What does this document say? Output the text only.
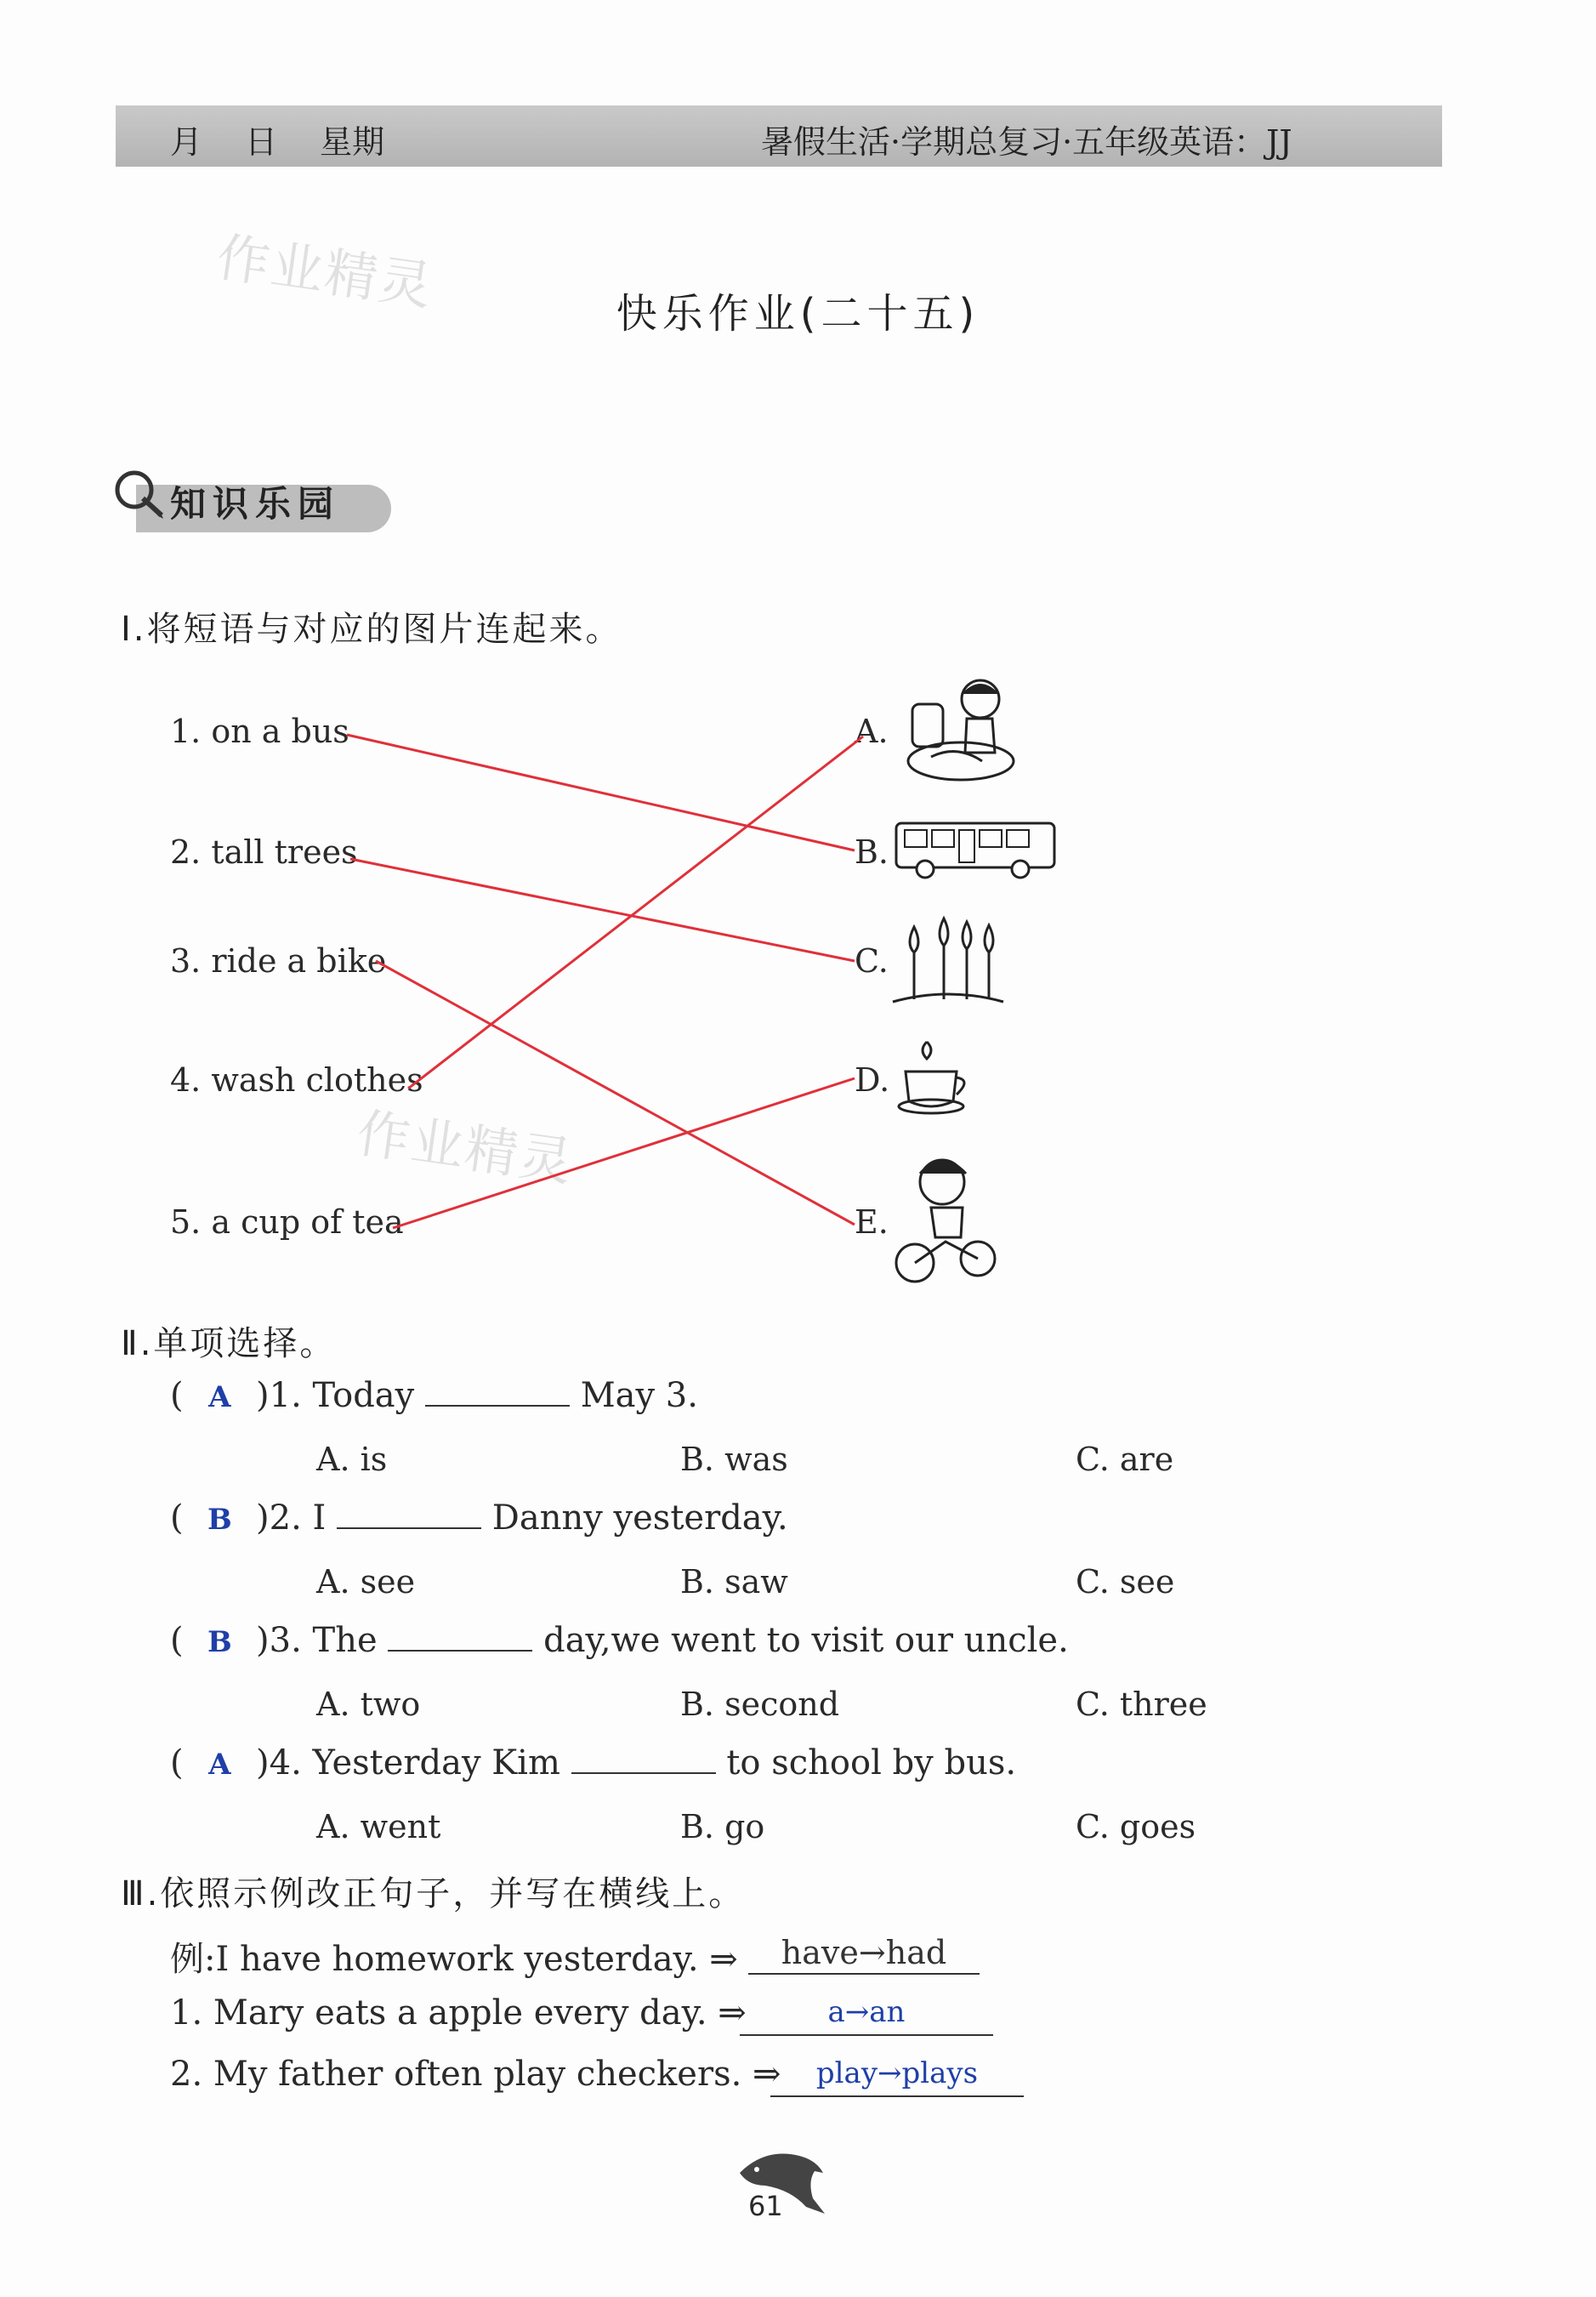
月　 日　 星期	暑假生活·学期总复习·五年级英语：JJ
作业精灵
作业精灵
快乐作业(二十五)
知识乐园
Ⅰ.将短语与对应的图片连起来。
1. on a bus
2. tall trees
3. ride a bike
4. wash clothes
5. a cup of tea
A.
B.
C.
D.
E.
Ⅱ.单项选择。
( A )1. Today	May 3.
A. is	B. was	C. are
( B )2. I	Danny yesterday.
A. see	B. saw	C. see
( B )3. The	day,we went to visit our uncle.
A. two	B. second	C. three
( A )4. Yesterday Kim	to school by bus.
A. went	B. go	C. goes
Ⅲ.依照示例改正句子，并写在横线上。
例:I have homework yesterday. ⇒	have→had
1. Mary eats a apple every day. ⇒	a→an
2. My father often play checkers. ⇒	play→plays
61
